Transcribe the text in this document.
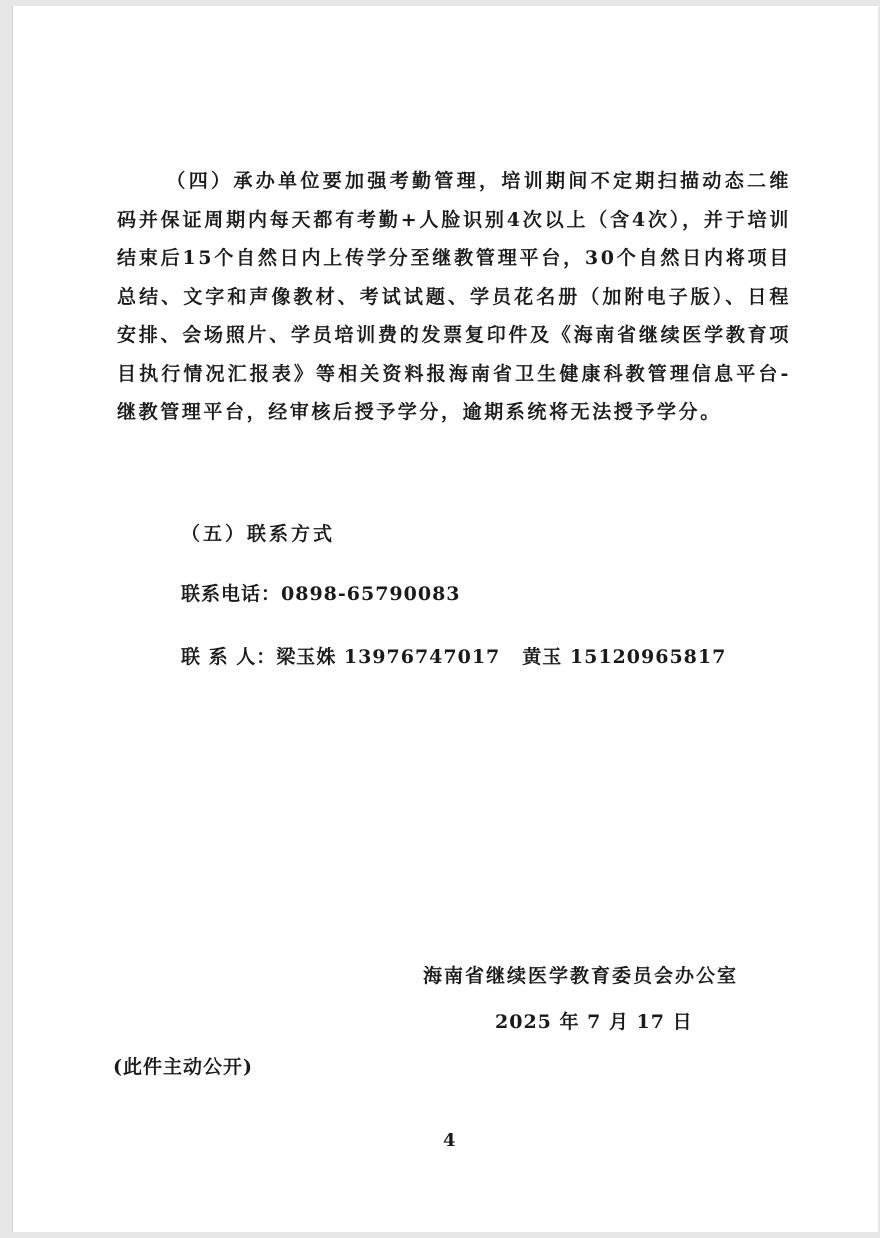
（四）承办单位要加强考勤管理，培训期间不定期扫描动态二维码并保证周期内每天都有考勤+人脸识别4次以上（含4次），并于培训结束后15个自然日内上传学分至继教管理平台，30个自然日内将项目总结、文字和声像教材、考试试题、学员花名册（加附电子版）、日程安排、会场照片、学员培训费的发票复印件及《海南省继续医学教育项目执行情况汇报表》等相关资料报海南省卫生健康科教管理信息平台-继教管理平台，经审核后授予学分，逾期系统将无法授予学分。

（五）联系方式

联系电话：0898-65790083

联 系 人：梁玉姝 13976747017 黄玉 15120965817

海南省继续医学教育委员会办公室

2025 年 7 月 17 日

(此件主动公开)

4
